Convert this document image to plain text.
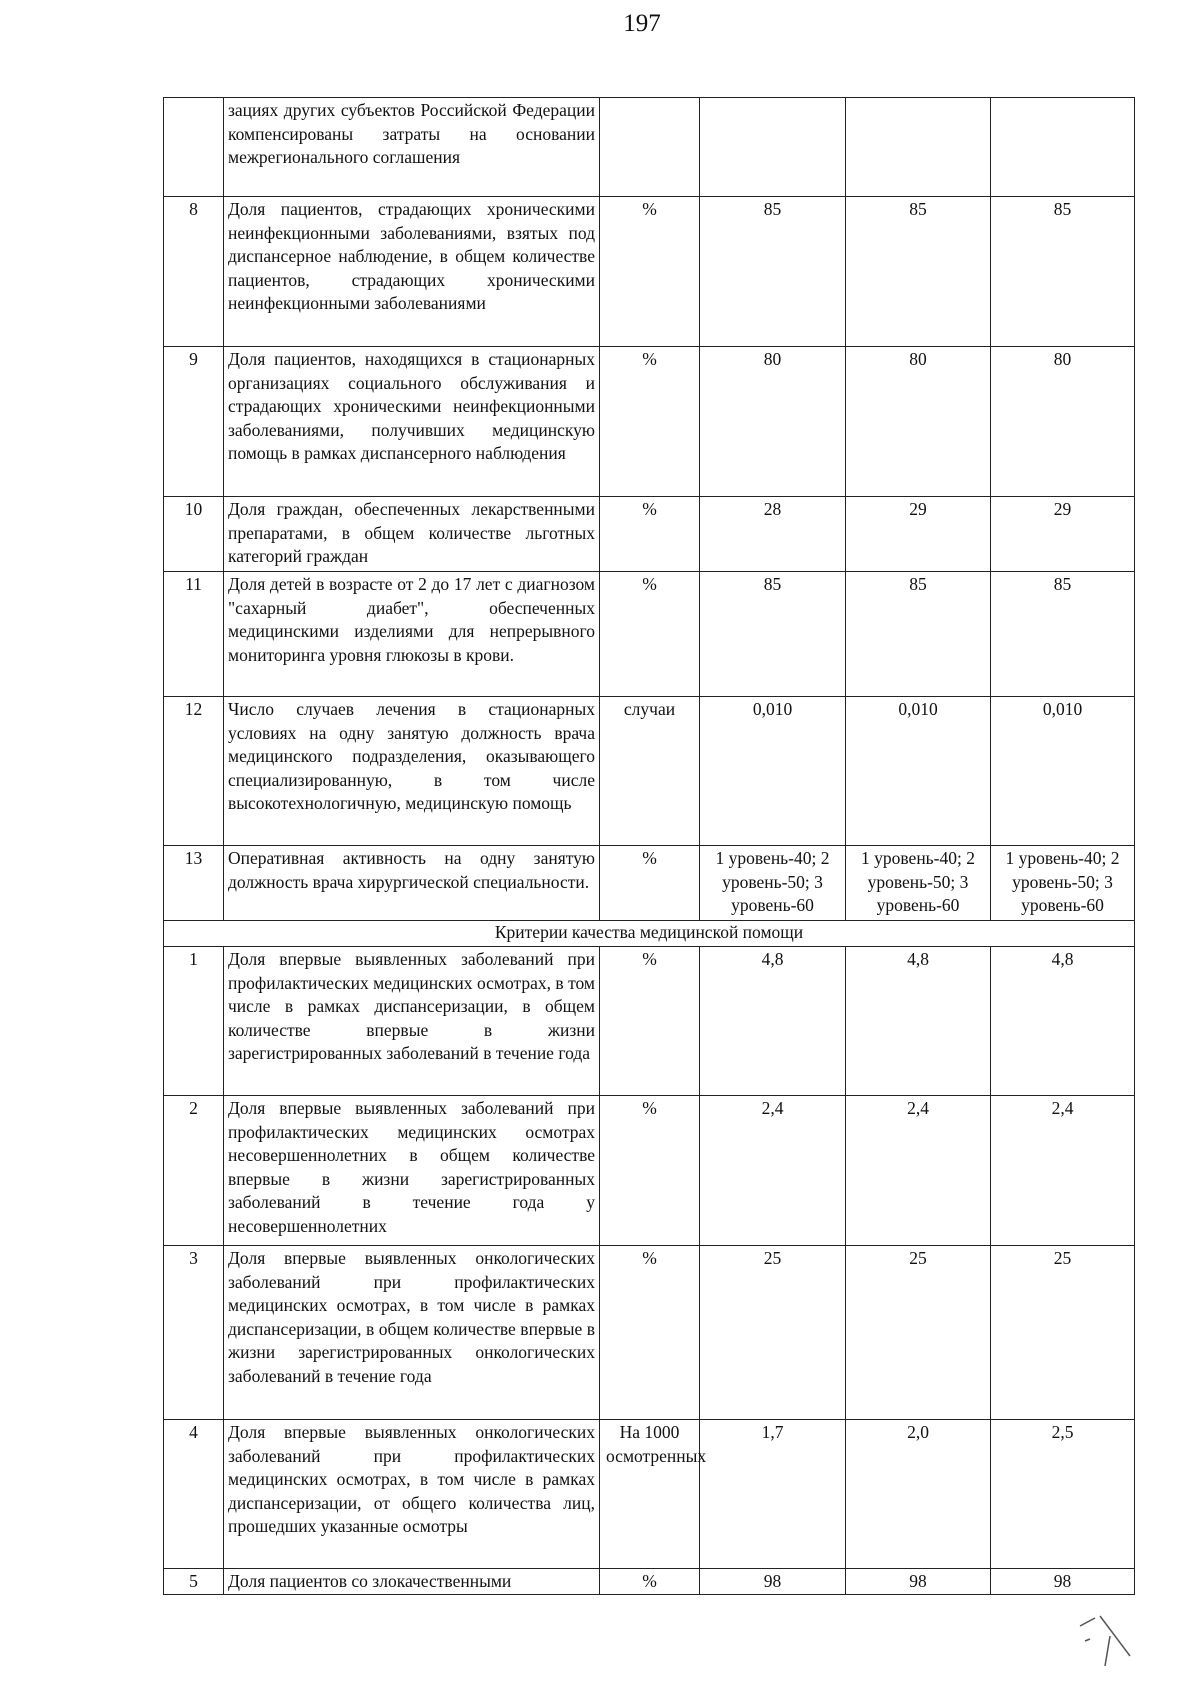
197
	зациях других субъектов Российской Федерации компенсированы затраты на основании межрегионального соглашения				
8	Доля пациентов, страдающих хроническими неинфекционными заболеваниями, взятых под диспансерное наблюдение, в общем количестве пациентов, страдающих хроническими неинфекционными заболеваниями	%	85	85	85
9	Доля пациентов, находящихся в стационарных организациях социального обслуживания и страдающих хроническими неинфекционными заболеваниями, получивших медицинскую помощь в рамках диспансерного наблюдения	%	80	80	80
10	Доля граждан, обеспеченных лекарственными препаратами, в общем количестве льготных категорий граждан	%	28	29	29
11	Доля детей в возрасте от 2 до 17 лет с диагнозом "сахарный диабет", обеспеченных медицинскими изделиями для непрерывного мониторинга уровня глюкозы в крови.	%	85	85	85
12	Число случаев лечения в стационарных условиях на одну занятую должность врача медицинского подразделения, оказывающего специализированную, в том числе высокотехнологичную, медицинскую помощь	случаи	0,010	0,010	0,010
13	Оперативная активность на одну занятую должность врача хирургической специальности.	%	1 уровень-40; 2 уровень-50; 3 уровень-60	1 уровень-40; 2 уровень-50; 3 уровень-60	1 уровень-40; 2 уровень-50; 3 уровень-60
Критерии качества медицинской помощи					
1	Доля впервые выявленных заболеваний при профилактических медицинских осмотрах, в том числе в рамках диспансеризации, в общем количестве впервые в жизни зарегистрированных заболеваний в течение года	%	4,8	4,8	4,8
2	Доля впервые выявленных заболеваний при профилактических медицинских осмотрах несовершеннолетних в общем количестве впервые в жизни зарегистрированных заболеваний в течение года у несовершеннолетних	%	2,4	2,4	2,4
3	Доля впервые выявленных онкологических заболеваний при профилактических медицинских осмотрах, в том числе в рамках диспансеризации, в общем количестве впервые в жизни зарегистрированных онкологических заболеваний в течение года	%	25	25	25
4	Доля впервые выявленных онкологических заболеваний при профилактических медицинских осмотрах, в том числе в рамках диспансеризации, от общего количества лиц, прошедших указанные осмотры	На 1000 осмотренных	1,7	2,0	2,5
5	Доля пациентов со злокачественными	%	98	98	98
